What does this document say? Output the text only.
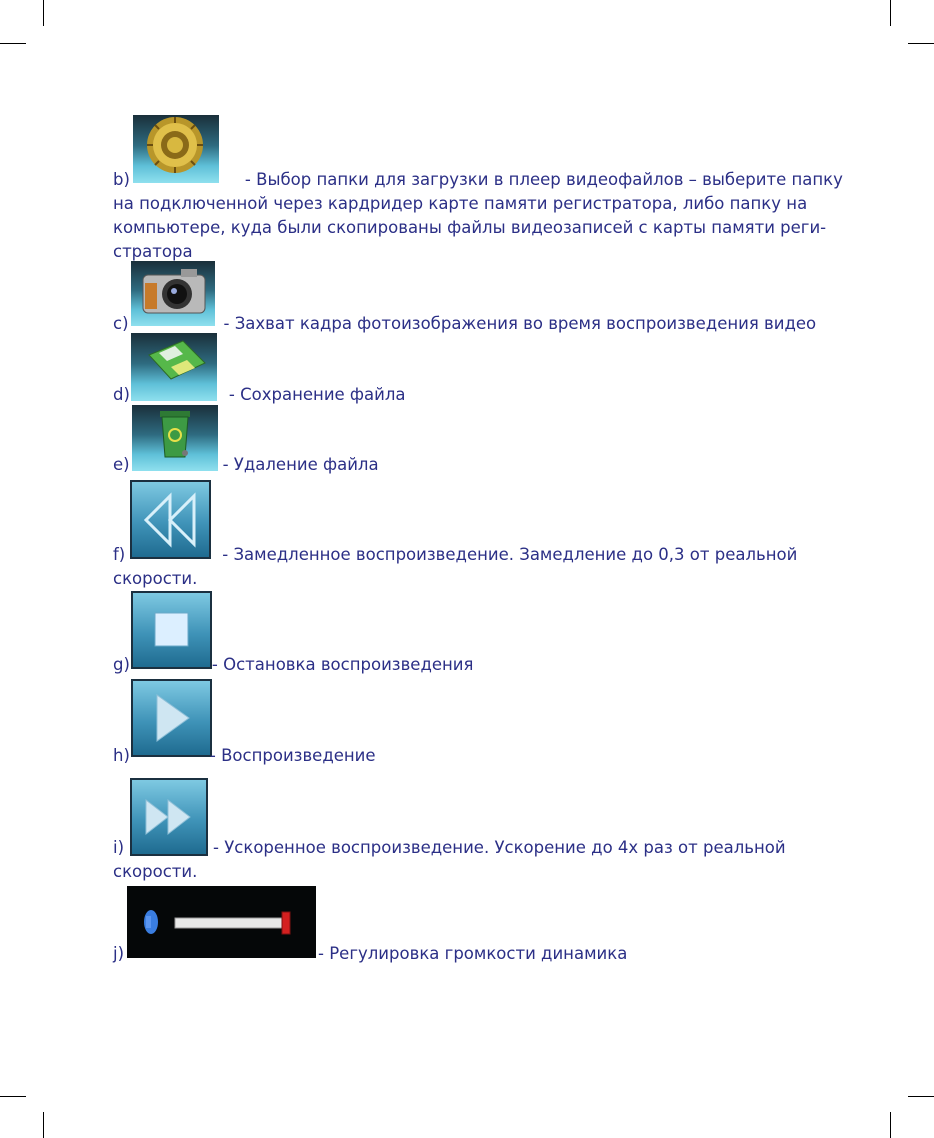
b)	- Выбор папки для загрузки в плеер видеофайлов – выберите папку
на подключенной через кардридер карте памяти регистратора, либо папку на
компьютере, куда были скопированы файлы видеозаписей с карты памяти реги-
стратора
c)	- Захват кадра фотоизображения во время воспроизведения видео
d)	- Сохранение файла
e)	- Удаление файла
f)	- Замедленное воспроизведение. Замедление до 0,3 от реальной
скорости.
g)	- Остановка воспроизведения
h)	- Воспроизведение
i)	- Ускоренное воспроизведение. Ускорение до 4х раз от реальной
скорости.
j)	- Регулировка громкости динамика
